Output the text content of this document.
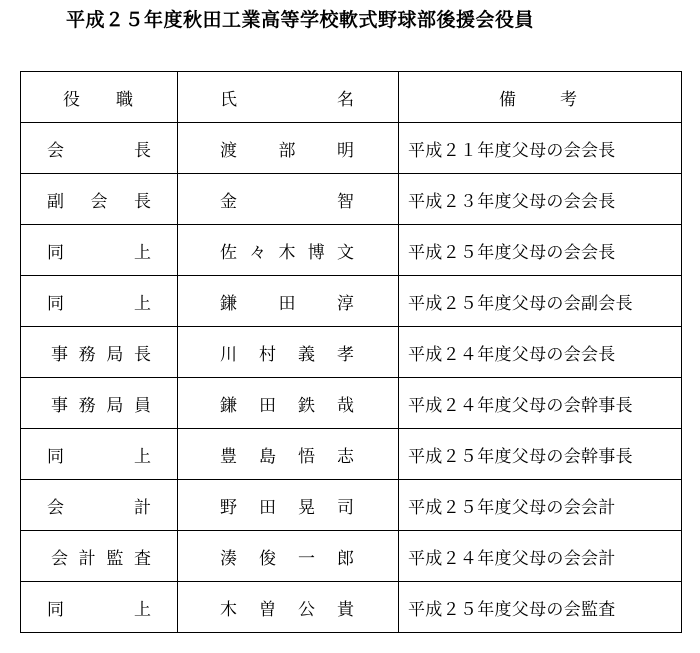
平成２５年度秋田工業高等学校軟式野球部後援会役員
役 職	氏 名	備 考

会 長	渡 部 明	平成２１年度父母の会会長

副 会 長	金 智	平成２３年度父母の会会長

同 上	佐 々 木 博 文	平成２５年度父母の会会長

同 上	鎌 田 淳	平成２５年度父母の会副会長

事 務 局 長	川 村 義 孝	平成２４年度父母の会会長

事 務 局 員	鎌 田 鉄 哉	平成２４年度父母の会幹事長

同 上	豊 島 悟 志	平成２５年度父母の会幹事長

会 計	野 田 晃 司	平成２５年度父母の会会計

会 計 監 査	湊 俊 一 郎	平成２４年度父母の会会計

同 上	木 曽 公 貴	平成２５年度父母の会監査
